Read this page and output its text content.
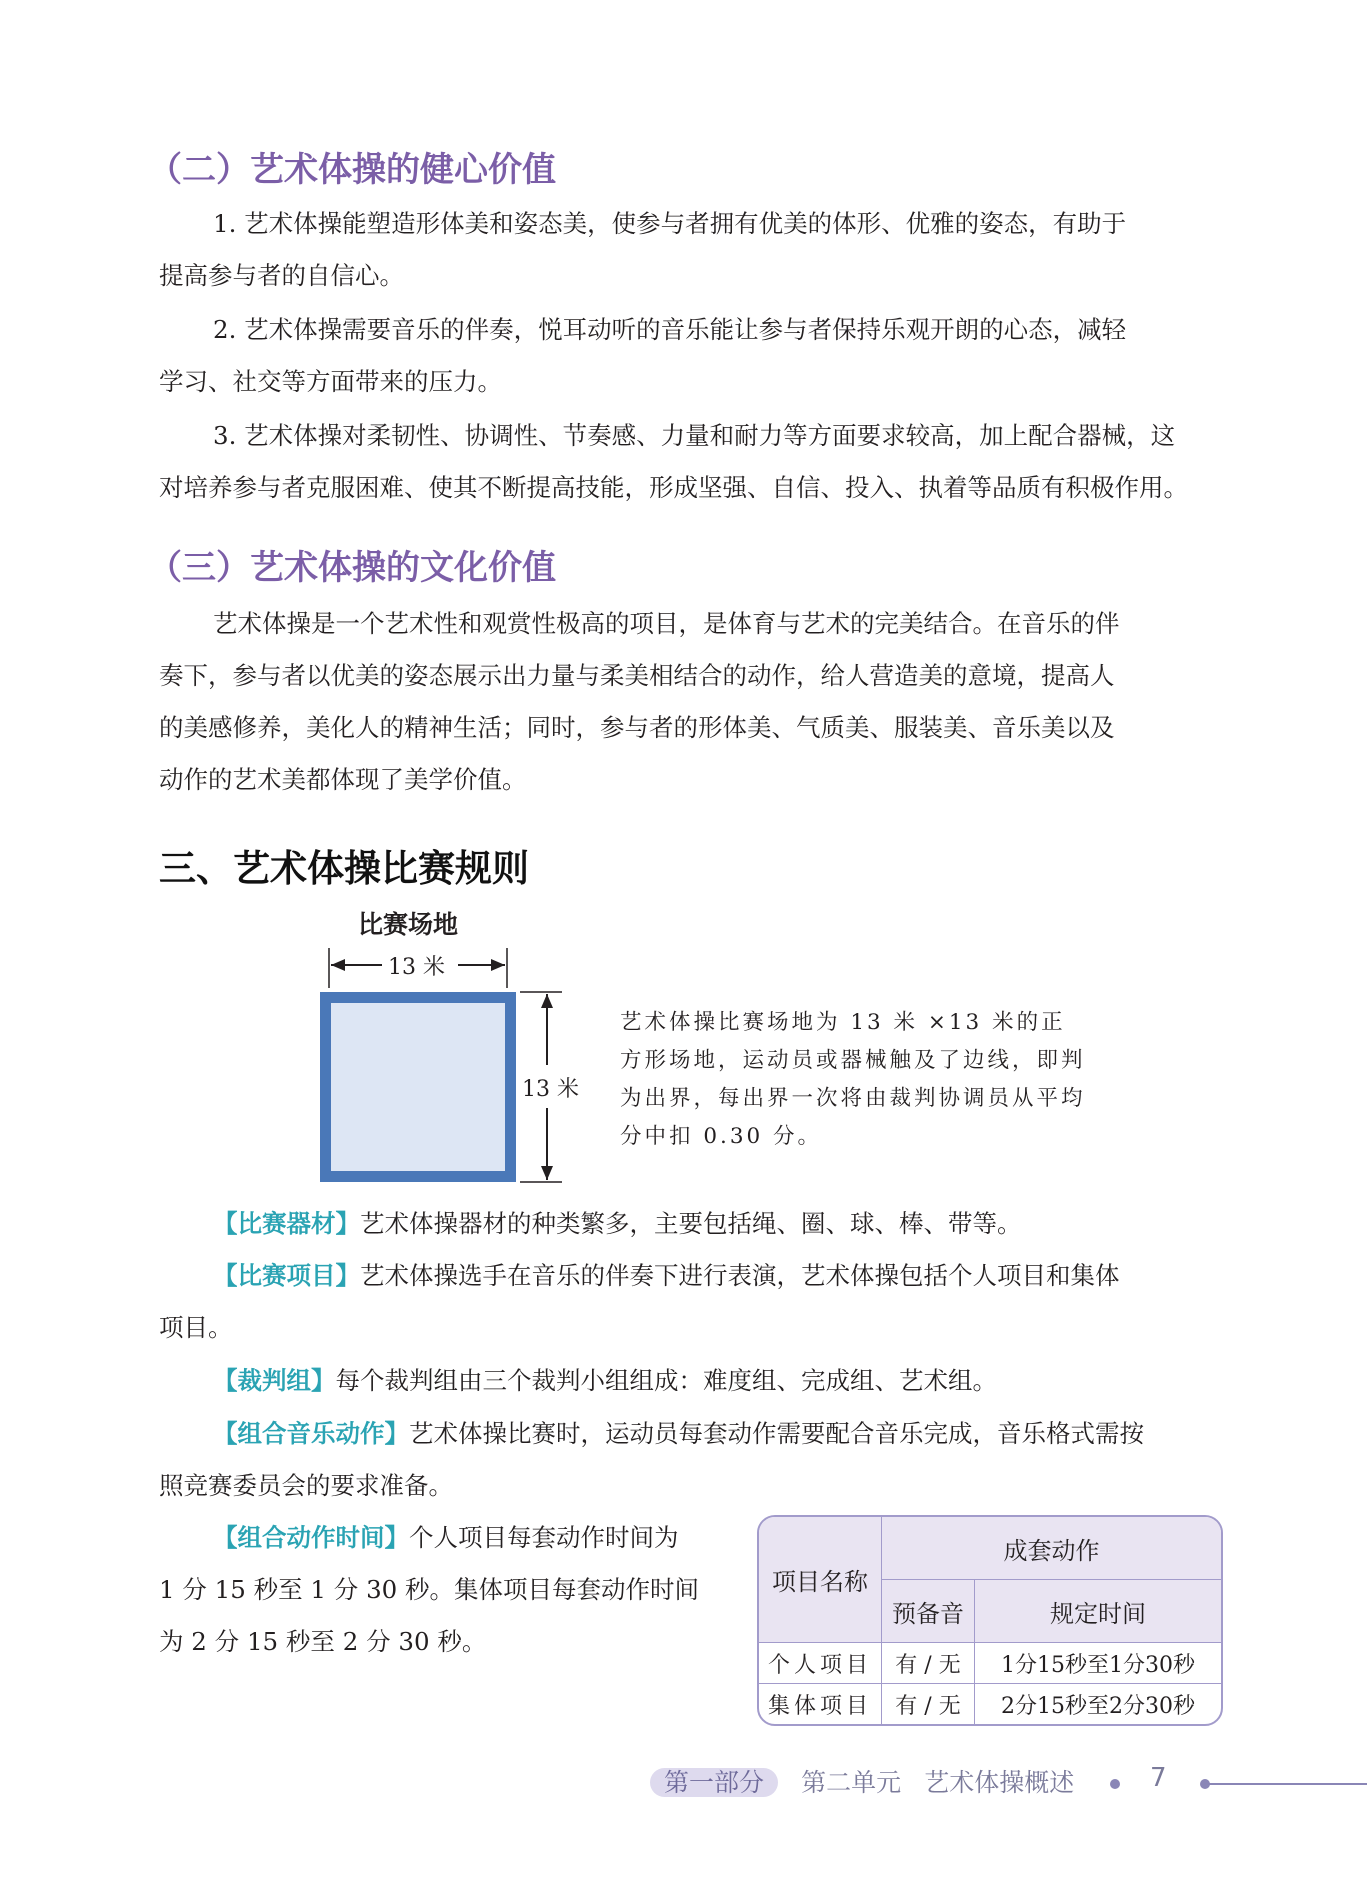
（二）艺术体操的健心价值
1. 艺术体操能塑造形体美和姿态美，使参与者拥有优美的体形、优雅的姿态，有助于
提高参与者的自信心。
2. 艺术体操需要音乐的伴奏，悦耳动听的音乐能让参与者保持乐观开朗的心态，减轻
学习、社交等方面带来的压力。
3. 艺术体操对柔韧性、协调性、节奏感、力量和耐力等方面要求较高，加上配合器械，这
对培养参与者克服困难、使其不断提高技能，形成坚强、自信、投入、执着等品质有积极作用。
（三）艺术体操的文化价值
艺术体操是一个艺术性和观赏性极高的项目，是体育与艺术的完美结合。在音乐的伴
奏下，参与者以优美的姿态展示出力量与柔美相结合的动作，给人营造美的意境，提高人
的美感修养，美化人的精神生活；同时，参与者的形体美、气质美、服装美、音乐美以及
动作的艺术美都体现了美学价值。
三、艺术体操比赛规则
比赛场地
13 米
13 米
艺术体操比赛场地为 13 米 ×13 米的正方形场地，运动员或器械触及了边线，即判为出界，每出界一次将由裁判协调员从平均分中扣 0.30 分。
【比赛器材】艺术体操器材的种类繁多，主要包括绳、圈、球、棒、带等。
【比赛项目】艺术体操选手在音乐的伴奏下进行表演，艺术体操包括个人项目和集体
项目。
【裁判组】每个裁判组由三个裁判小组组成：难度组、完成组、艺术组。
【组合音乐动作】艺术体操比赛时，运动员每套动作需要配合音乐完成，音乐格式需按
照竞赛委员会的要求准备。
【组合动作时间】个人项目每套动作时间为
1 分 15 秒至 1 分 30 秒。集体项目每套动作时间
为 2 分 15 秒至 2 分 30 秒。
项目名称	成套动作	
	预备音	规定时间
个人项目	有 / 无	1分15秒至1分30秒
集体项目	有 / 无	2分15秒至2分30秒
第一部分 第二单元 艺术体操概述	7
